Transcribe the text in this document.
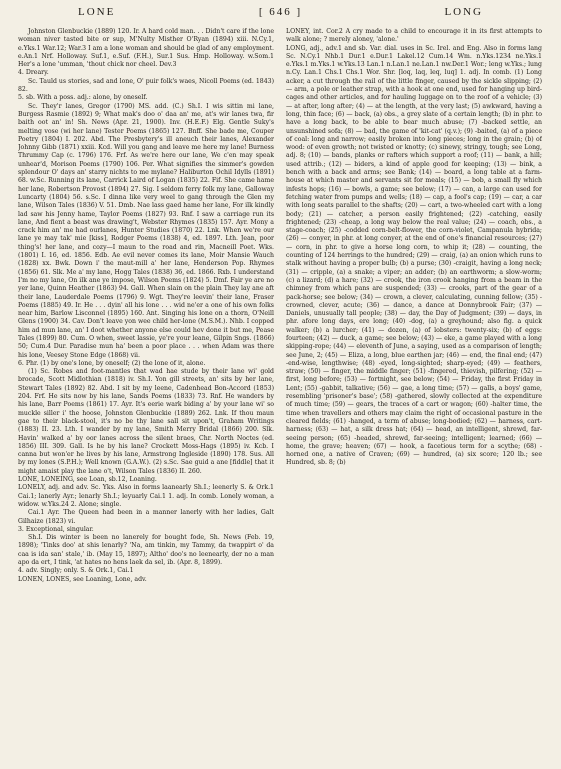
LONE	[ 646 ]	LONG

Johnston Glenbuckie (1889) 120. Ir. A hard cold man. . . Didn't care if the lone woman niver tasted bite or sup, M'Nulty Misther O'Ryan (1894) xiii. N.Cy.1, e.Yks.1 War.12; War.3 I am a lone woman and should be glad of any employment. e.An.1 Nrf. Holloway. Suf.1, e.Suf. (F.H.), Sur.1 Sus. Hmp. Holloway. w.Som.1 Her's a lone 'umman, 'thout chick nor cheel. Dev.3

4. Dreary.

Sc. Tauld us stories, sad and lone, O' puir folk's waes, Nicoll Poems (ed. 1843) 82.

5. sb. With a poss. adj.: alone, by oneself.

Sc. They'r lanes, Gregor (1790) MS. add. (C.) Sh.I. I wis sittin mi lane, Burgess Rasmie (1892) 9; What mak's doo o' daa an' me, at's wir lanes twa, fir baith oot an' in! Sh. News (Apr. 21, 1900). Inv. (H.E.F.) Elg. Gentle Suky's melting vose (wi her lane) Tester Poems (1865) 127. Bnff. She bade me, Couper Poetry (1804) I. 202. Abd. The Presbytery's ill aneuch their lanes, Alexander Johnny Gibb (1871) xxiii. Kcd. Will you gang and leave me here my lane! Burness Thrummy Cap (c. 1796) 176. Frf. As we're here our lane, We c'en may speak unhear'd, Morison Poems (1790) 106. Per. What signifies the simmer's gowden splendour O' days an' starry nichts to me mylane? Haliburton Ochil Idylls (1891) 68. w.Sc. Running its lane, Carrick Laird of Logan (1835) 22. Fif. She came hame her lane, Robertson Provost (1894) 27. Sig. I seldom ferry folk my lane, Galloway Luncarty (1804) 56. s.Sc. I dinna like very weel to gang through the Glen my lane, Wilson Tales (1836) V. 51. Dmb. Nae lass gaed hame her lane, For ilk kindly lad saw his Jenny hame, Taylor Poems (1827) 93. Rnf. I saw a carriage run its lane, And fient a beast was drawing't, Webster Rhymes (1835) 157. Ayr. Mony a crack him an' me had ourlanes, Hunter Studies (1870) 22. Lnk. When we're our lane ye may tak' mie [kiss], Rodger Poems (1838) 4, ed. 1897. Lth. Jean, poor thing's! her lane, and cozy—I maun to the road and rin, Macneill Poet. Wks. (1801) I. 16, ed. 1856. Edb. Ae evil never comes its lane, Moir Mansie Wauch (1828) xx. Bwk. Down i' the maut-mill a' her lane, Henderson Pop. Rhymes (1856) 61. Slk. Me a' my lane, Hogg Tales (1838) 36, ed. 1866. Rxb. I understand I'm no my lane, On ilk ane ye impose, Wilson Poems (1824) 5. Dmf. Fair ye are no yer lane, Quinn Heather (1863) 94. Gall. When slain on the plain They lay ane aft their lane, Lauderdale Poems (1796) 9. Wgt. They're leevin' their lane, Fraser Poems (1885) 49. Ir. He . . . dyin' all his lone . . . wid ne'er a one of his own folks near him, Barlow Lisconnel (1895) 160. Ant. Singing his lone on a thorn, O'Neill Glens (1900) 34. Cav. Don't leave yon wee child her-lone (M.S.M.). Nhb. I copped him ad mun lane, an' I doot whether anyone else could hev done it but me, Pease Tales (1899) 80. Cum. O when, sweet lassie, ye're your leane, Gilpin Sngs. (1866) 50; Cum.4 Dur. Paradise mun ha' been a poor place . . . when Adam was there his lone, Veesey Stone Edge (1868) vii.

6. Phr. (1) by one's lone, by oneself; (2) the lone of it, alone.

(1) Sc. Robes and foot-mantles that wad hae stude by their lane wi' gold brocade, Scott Midlothian (1818) iv. Sh.I. Yon gill streets, an' sits by her lane, Stewart Tales (1892) 82. Abd. I sit by my leene, Cadenhead Bon-Accord (1853) 204. Frf. He sits now by his lane, Sands Poems (1833) 73. Rnf. He wanders by his lane, Barr Poems (1861) 17. Ayr. It's eerie wark biding a' by your lane wi' so muckle siller i' the hoose, Johnston Glenbuckie (1889) 262. Lnk. If thou maun gae to their black-stool, it's no be thy lane sall sit upon't, Graham Writings (1883) II. 23. Lth. I wander by my lane, Smith Merry Bridal (1866) 200. Slk. Havin' walked a' by oor lanes across the silent braes, Chr. North Noctes (ed. 1856) III. 309. Gall. Is he by his lane? Crockett Moss-Hags (1895) iv. Kcb. I canna but won'er he lives by his lane, Armstrong Ingleside (1890) 178. Sus. All by my lones (S.P.H.); Well known (G.A.W.). (2) s.Sc. Sae guid a ane [fiddle] that it might amaist play the lane o't, Wilson Tales (1836) II. 260.

LONE, LONEING, see Loan, sb.12, Loaning.

LONELY, adj. and adv. Sc. Yks. Also in forms laanearly Sh.I.; leenerly S. & Ork.1 Cai.1; lanerly Ayr.; lenarly Sh.I.; leyuarly Cai.1 1. adj. In comb. Lonely woman, a widow. w.Yks.24 2. Alone; single.

Cai.1 Ayr. The Queen had been in a manner lanerly with her ladies, Galt Gilhaize (1823) vi.

3. Exceptional, singular.

Sh.I. Dis winter is been no lanerely for bought fode, Sh. News (Feb. 19, 1898); 'Tinks doo' at shis lenarly? 'Na, am tinkin, my Tammy, da twappirt o' da caa is ida san' stale,' ib. (May 15, 1897); Altho' doo's no leenearly, der no a man apo da ert, I tink, 'at hates no hens laek da sel, ib. (Apr. 8, 1899).

4. adv. Singly; only. S. & Ork.1, Cai.1

LONEN, LONES, see Loaning, Lone, adv.

LONEY, int. Cor.2 A cry made to a child to encourage it in its first attempts to walk alone; ? merely aloney, 'alone.'

LONG, adj., adv.1 and sb. Var. dial. uses in Sc. Irel. and Eng. Also in forms lang Sc. N.Cy.1 Nhb.1 Dur.1 e.Dur.1 Lakel.12 Cum.14 Wm. n.Yks.1234 ne.Yks.1 e.Yks.1 m.Yks.1 w.Yks.13 Lan.1 n.Lan.1 ne.Lan.1 nw.Der.1 Wor.; leng w.Yks.; lung n.Cy. Lan.1 Chs.1 Chs.1 Wor. Shr. [loq, laq, leq, luq] 1. adj. In comb. (1) Long acker, a cut through the rail of the little finger, caused by the sickle slipping; (2) — arm, a pole or leather strap, with a hook at one end, used for hanging up bird-cages and other articles, and for hauling luggage on to the roof of a vehicle; (3) — at after, long after; (4) — at the length, at the very last; (5) awkward, having a long, thin face; (6) — back, (a) obs., a grey slate of a certain length; (b) in phr. to have a long back, to be able to bear much abuse; (7) -backed settle, an unsunshined sofa; (8) — bad, the game of 'kit-cat' (q.v.); (9) -baited, (a) of a piece of coal: long and narrow; easily broken into long pieces; long in the grain; (b) of wood: of even growth; not twisted or knotty; (c) sinewy, stringy, tough; see Long, adj. 8; (10) — bands, planks or rafters which support a roof; (11) — bank, a hill; used attrib.; (12) — biders, a kind of apple good for keeping; (13) — bink, a bench with a back and arms; see Bank; (14) — board, a long table at a farm-house at which master and servants sit for meals; (15) — bob, a small fly which infests hops; (16) — bowls, a game; see below; (17) — can, a large can used for fetching water from pumps and wells; (18) — cap, a fool's cap; (19) — car, a car with long seats parallel to the shafts; (20) — cart, a two-wheeled cart with a long body; (21) — catcher, a person easily frightened; (22) -catching, easily frightened; (23) -cheap, a long way below the real value; (24) — coach, obs., a stage-coach; (25) -codded corn-belt-flower, the corn-violet, Campanula hybrida; (26) — conyer, in phr. at long conyer, at the end of one's financial resources; (27) — corn, in phr. to give a horse long corn, to whip it; (28) — counting, the counting of 124 herrings to the hundred; (29) — craig, (a) an onion which runs to stalk without having a proper bulb; (b) a purse; (30) -craigit, having a long neck; (31) — cripple, (a) a snake; a viper; an adder; (b) an earthworm; a slow-worm; (c) a lizard; (d) a hare; (32) — crook, the iron crook hanging from a beam in the chimney from which pans are suspended; (33) — crooks, part of the gear of a pack-horse; see below; (34) — crown, a clever, calculating, cunning fellow; (35) -crowned, clever, acute; (36) — dance, a dance at Donnybrook Fair; (37) — Daniels, unusually tall people; (38) — day, the Day of Judgment; (39) — days, in phr. afore long days, ere long; (40) -dog, (a) a greyhound; also fig. a quick walker; (b) a lurcher; (41) — dozen, (a) of lobsters: twenty-six; (b) of eggs: fourteen; (42) — duck, a game; see below; (43) — eke, a game played with a long skipping-rope; (44) — eleventh of June, a saying, used as a comparison of length; see June, 2; (45) — Eliza, a long, blue earthen jar; (46) — end, the final end; (47) -end-wise, lengthwise; (48) -eyed, long-sighted; sharp-eyed; (49) — feathers, straw; (50) — finger, the middle finger; (51) -fingered, thievish, pilfering; (52) — first, long before; (53) — fortnight, see below; (54) — Friday, the first Friday in Lent; (55) -gabbit, talkative; (56) — gae, a long time; (57) — galls, a boys' game, resembling 'prisoner's base'; (58) -gathered, slowly collected at the expenditure of much time; (59) — gears, the traces of a cart or wagon; (60) -halter time, the time when travellers and others may claim the right of occasional pasture in the cleared fields; (61) -hanged, a term of abuse; long-bodied; (62) — harness, cart-harness; (63) — hat, a silk dress hat; (64) — head, an intelligent, shrewd, far-seeing person; (65) -headed, shrewd, far-seeing; intelligent; learned; (66) — home, the grave; heaven; (67) — hook, a facetious term for a scythe; (68) -horned one, a native of Craven; (69) — hundred, (a) six score; 120 lb.; see Hundred, sb. 8; (b)
